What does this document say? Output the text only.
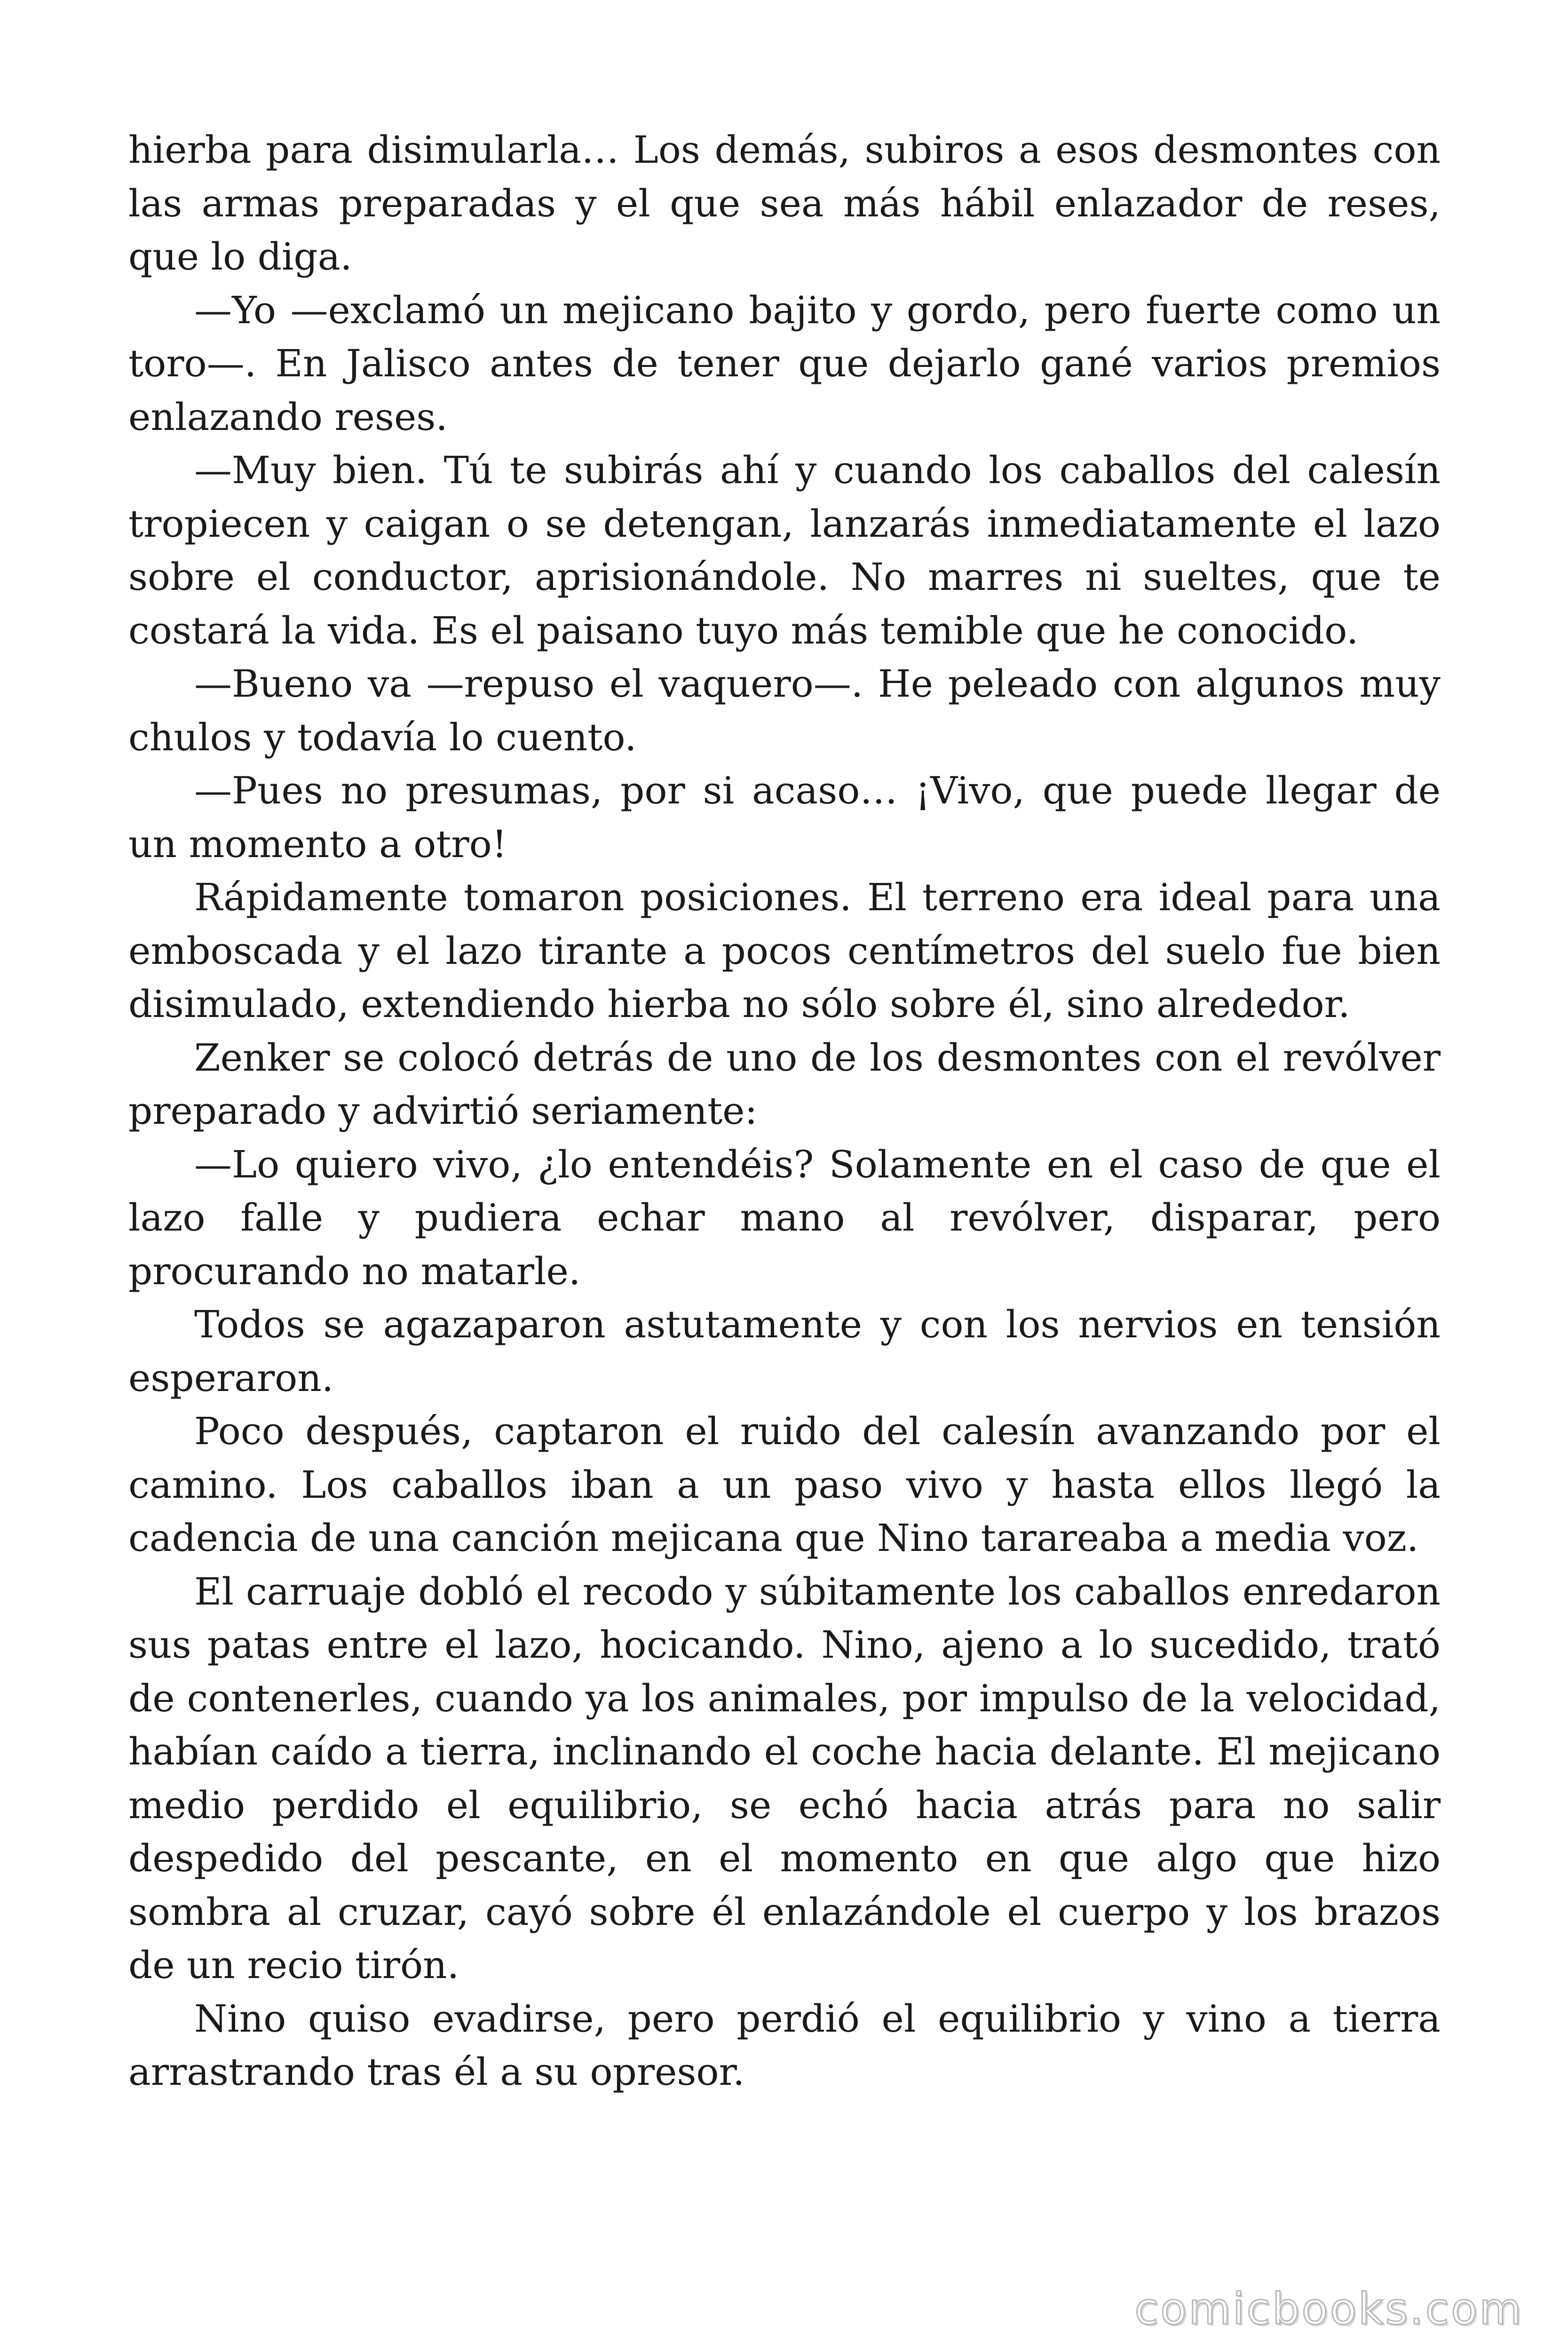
hierba para disimularla… Los demás, subiros a esos desmontes con las armas preparadas y el que sea más hábil enlazador de reses, que lo diga.

—Yo —exclamó un mejicano bajito y gordo, pero fuerte como un toro—. En Jalisco antes de tener que dejarlo gané varios premios enlazando reses.

—Muy bien. Tú te subirás ahí y cuando los caballos del calesín tropiecen y caigan o se detengan, lanzarás inmediatamente el lazo sobre el conductor, aprisionándole. No marres ni sueltes, que te costará la vida. Es el paisano tuyo más temible que he conocido.

—Bueno va —repuso el vaquero—. He peleado con algunos muy chulos y todavía lo cuento.

—Pues no presumas, por si acaso… ¡Vivo, que puede llegar de un momento a otro!

Rápidamente tomaron posiciones. El terreno era ideal para una emboscada y el lazo tirante a pocos centímetros del suelo fue bien disimulado, extendiendo hierba no sólo sobre él, sino alrededor.

Zenker se colocó detrás de uno de los desmontes con el revólver preparado y advirtió seriamente:

—Lo quiero vivo, ¿lo entendéis? Solamente en el caso de que el lazo falle y pudiera echar mano al revólver, disparar, pero procurando no matarle.

Todos se agazaparon astutamente y con los nervios en tensión esperaron.

Poco después, captaron el ruido del calesín avanzando por el camino. Los caballos iban a un paso vivo y hasta ellos llegó la cadencia de una canción mejicana que Nino tarareaba a media voz.

El carruaje dobló el recodo y súbitamente los caballos enredaron sus patas entre el lazo, hocicando. Nino, ajeno a lo sucedido, trató de contenerles, cuando ya los animales, por impulso de la velocidad, habían caído a tierra, inclinando el coche hacia delante. El mejicano medio perdido el equilibrio, se echó hacia atrás para no salir despedido del pescante, en el momento en que algo que hizo sombra al cruzar, cayó sobre él enlazándole el cuerpo y los brazos de un recio tirón.

Nino quiso evadirse, pero perdió el equilibrio y vino a tierra arrastrando tras él a su opresor.

comicbooks.com
